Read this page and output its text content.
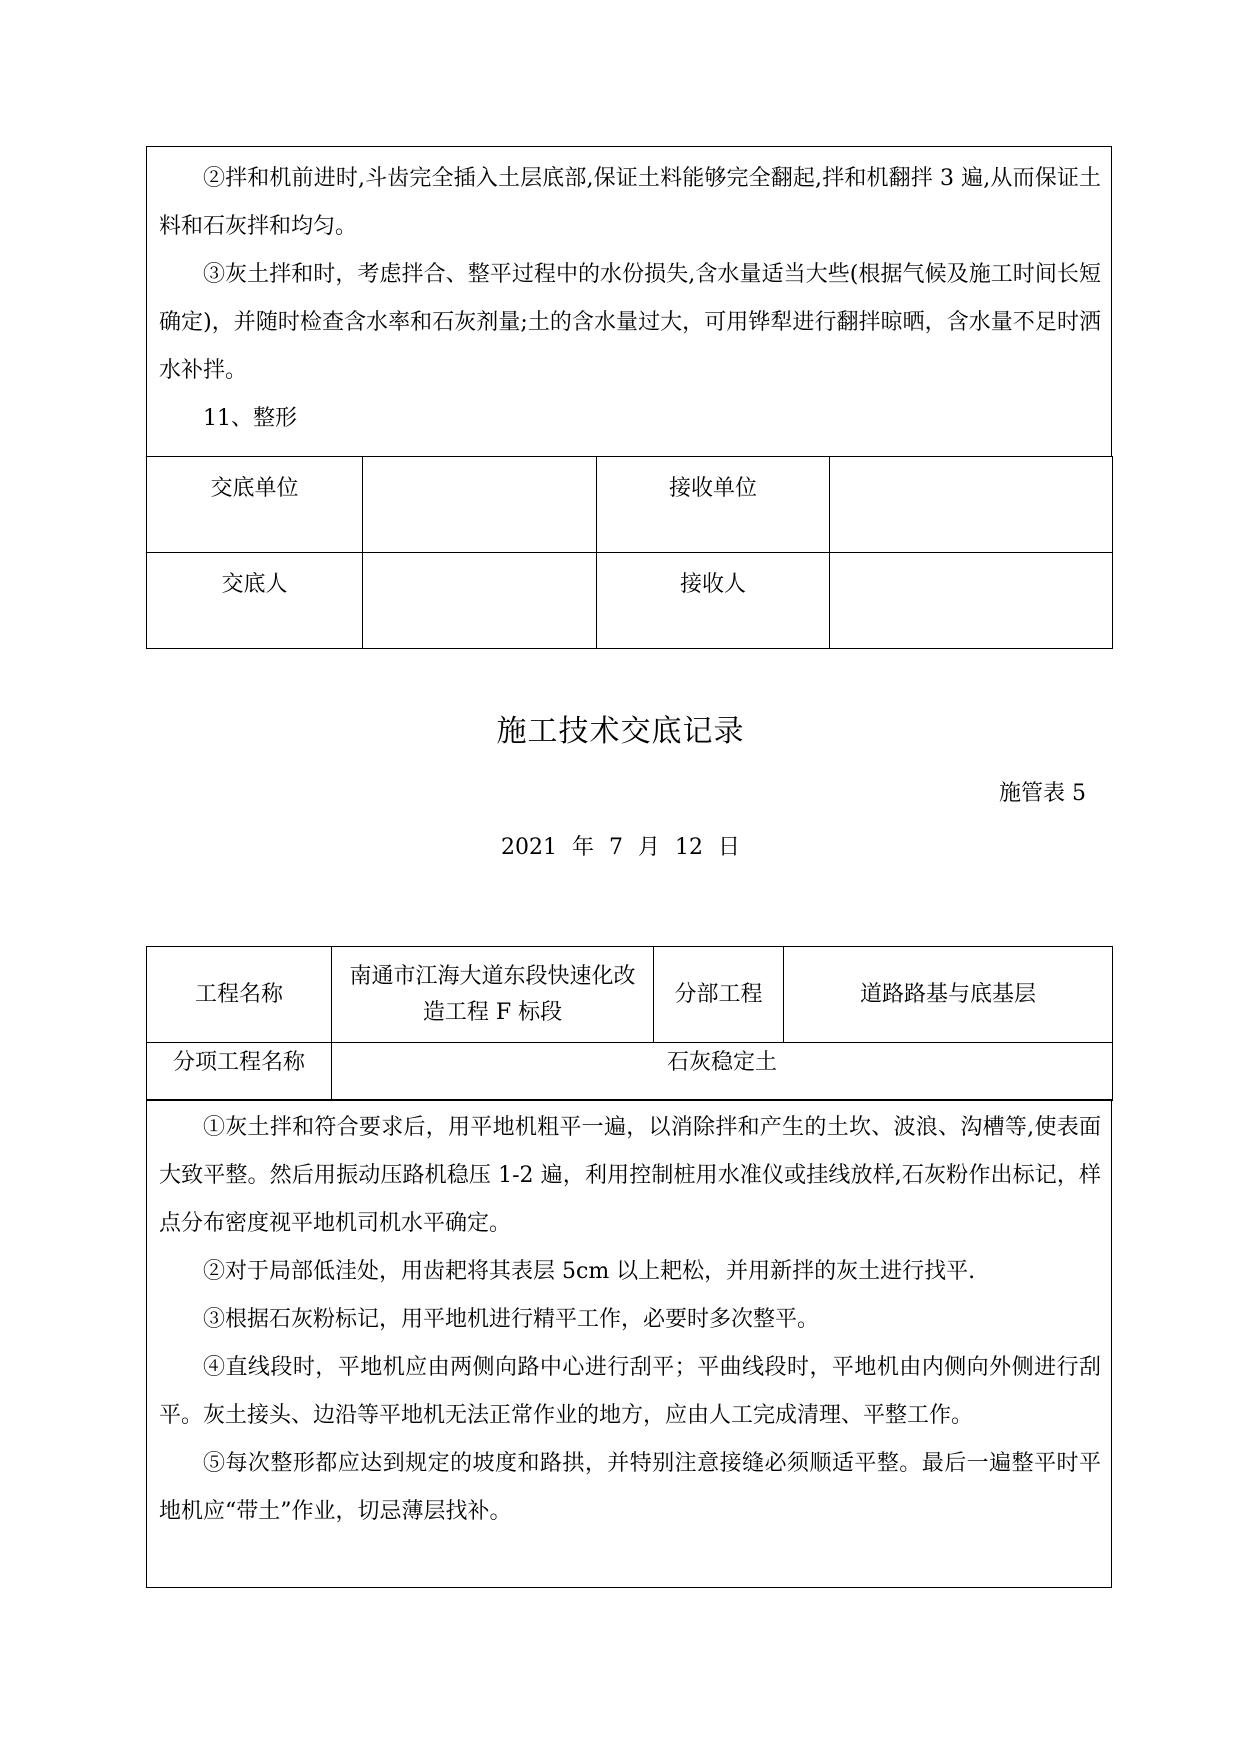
②拌和机前进时,斗齿完全插入土层底部,保证土料能够完全翻起,拌和机翻拌 3 遍,从而保证土料和石灰拌和均匀。

③灰土拌和时，考虑拌合、整平过程中的水份损失,含水量适当大些(根据气候及施工时间长短确定)，并随时检查含水率和石灰剂量;土的含水量过大，可用铧犁进行翻拌晾晒，含水量不足时洒水补拌。

11、整形

交底单位		接收单位	
交底人		接收人	
施工技术交底记录
施管表 5
2021 年 7 月 12 日
工程名称	南通市江海大道东段快速化改造工程 F 标段	分部工程	道路路基与底基层
分项工程名称	石灰稳定土		

①灰土拌和符合要求后，用平地机粗平一遍，以消除拌和产生的土坎、波浪、沟槽等,使表面大致平整。然后用振动压路机稳压 1-2 遍，利用控制桩用水准仪或挂线放样,石灰粉作出标记，样点分布密度视平地机司机水平确定。

②对于局部低洼处，用齿耙将其表层 5cm 以上耙松，并用新拌的灰土进行找平.

③根据石灰粉标记，用平地机进行精平工作，必要时多次整平。

④直线段时，平地机应由两侧向路中心进行刮平；平曲线段时，平地机由内侧向外侧进行刮平。灰土接头、边沿等平地机无法正常作业的地方，应由人工完成清理、平整工作。

⑤每次整形都应达到规定的坡度和路拱，并特别注意接缝必须顺适平整。最后一遍整平时平地机应“带土”作业，切忌薄层找补。
